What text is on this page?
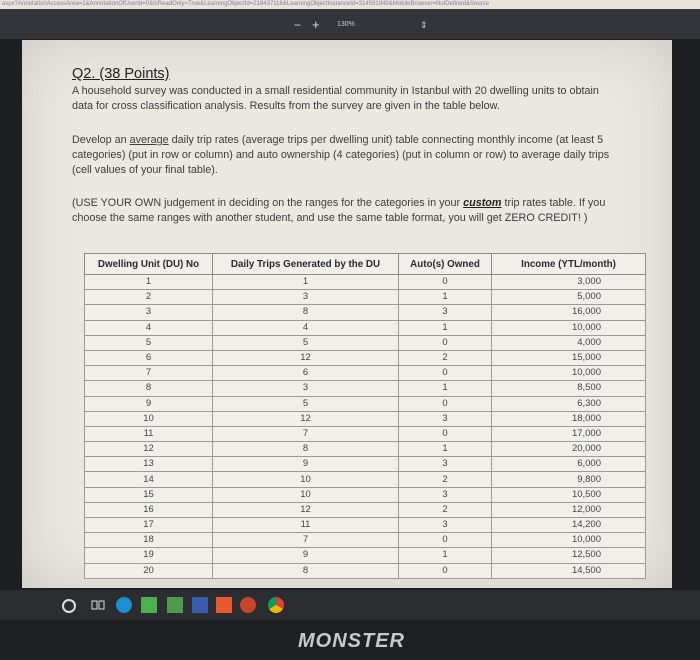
aspx?AnnotationAccessArea=1&AnnotationOfUserId=0&IsReadOnly=True&LearningObjectId=218437116&LearningObjectInstanceId=314591949&MobileBrowser=NotDefined&Source
− + 130%	⇕
Q2. (38 Points)
A household survey was conducted in a small residential community in Istanbul with 20 dwelling units to obtain data for cross classification analysis. Results from the survey are given in the table below.
Develop an average daily trip rates (average trips per dwelling unit) table connecting monthly income (at least 5 categories) (put in row or column) and auto ownership (4 categories) (put in column or row) to average daily trips (cell values of your final table).
(USE YOUR OWN judgement in deciding on the ranges for the categories in your custom trip rates table. If you choose the same ranges with another student, and use the same table format, you will get ZERO CREDIT! )
Dwelling Unit (DU) No	Daily Trips Generated by the DU	Auto(s) Owned	Income (YTL/month)
1	1	0	3,000
2	3	1	5,000
3	8	3	16,000
4	4	1	10,000
5	5	0	4,000
6	12	2	15,000
7	6	0	10,000
8	3	1	8,500
9	5	0	6,300
10	12	3	18,000
11	7	0	17,000
12	8	1	20,000
13	9	3	6,000
14	10	2	9,800
15	10	3	10,500
16	12	2	12,000
17	11	3	14,200
18	7	0	10,000
19	9	1	12,500
20	8	0	14,500
MONSTER
